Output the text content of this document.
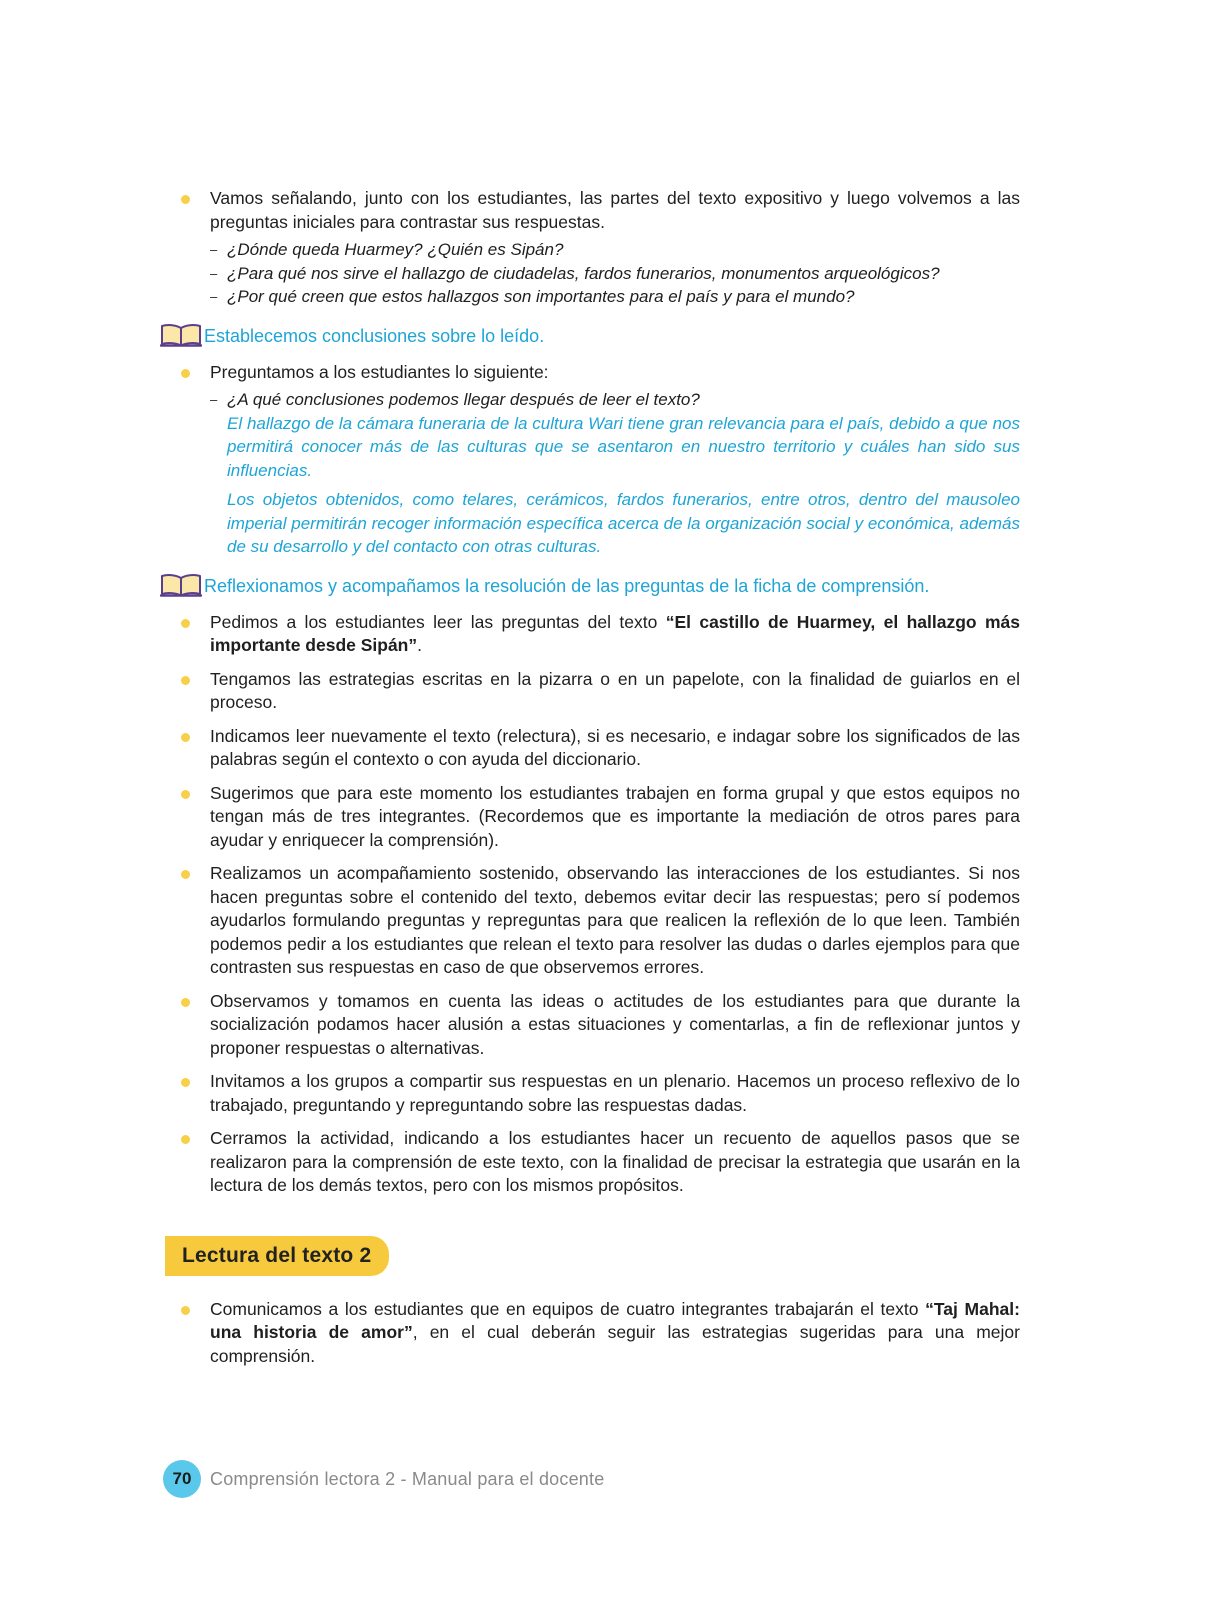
Vamos señalando, junto con los estudiantes, las partes del texto expositivo y luego volvemos a las preguntas iniciales para contrastar sus respuestas.
– ¿Dónde queda Huarmey? ¿Quién es Sipán?
– ¿Para qué nos sirve el hallazgo de ciudadelas, fardos funerarios, monumentos arqueológicos?
– ¿Por qué creen que estos hallazgos son importantes para el país y para el mundo?
Establecemos conclusiones sobre lo leído.
Preguntamos a los estudiantes lo siguiente:
– ¿A qué conclusiones podemos llegar después de leer el texto?

El hallazgo de la cámara funeraria de la cultura Wari tiene gran relevancia para el país, debido a que nos permitirá conocer más de las culturas que se asentaron en nuestro territorio y cuáles han sido sus influencias.

Los objetos obtenidos, como telares, cerámicos, fardos funerarios, entre otros, dentro del mausoleo imperial permitirán recoger información específica acerca de la organización social y económica, además de su desarrollo y del contacto con otras culturas.

Reflexionamos y acompañamos la resolución de las preguntas de la ficha de comprensión.
Pedimos a los estudiantes leer las preguntas del texto “El castillo de Huarmey, el hallazgo más importante desde Sipán”.
Tengamos las estrategias escritas en la pizarra o en un papelote, con la finalidad de guiarlos en el proceso.
Indicamos leer nuevamente el texto (relectura), si es necesario, e indagar sobre los significados de las palabras según el contexto o con ayuda del diccionario.
Sugerimos que para este momento los estudiantes trabajen en forma grupal y que estos equipos no tengan más de tres integrantes. (Recordemos que es importante la mediación de otros pares para ayudar y enriquecer la comprensión).
Realizamos un acompañamiento sostenido, observando las interacciones de los estudiantes. Si nos hacen preguntas sobre el contenido del texto, debemos evitar decir las respuestas; pero sí podemos ayudarlos formulando preguntas y repreguntas para que realicen la reflexión de lo que leen. También podemos pedir a los estudiantes que relean el texto para resolver las dudas o darles ejemplos para que contrasten sus respuestas en caso de que observemos errores.
Observamos y tomamos en cuenta las ideas o actitudes de los estudiantes para que durante la socialización podamos hacer alusión a estas situaciones y comentarlas, a fin de reflexionar juntos y proponer respuestas o alternativas.
Invitamos a los grupos a compartir sus respuestas en un plenario. Hacemos un proceso reflexivo de lo trabajado, preguntando y repreguntando sobre las respuestas dadas.
Cerramos la actividad, indicando a los estudiantes hacer un recuento de aquellos pasos que se realizaron para la comprensión de este texto, con la finalidad de precisar la estrategia que usarán en la lectura de los demás textos, pero con los mismos propósitos.
Lectura del texto 2
Comunicamos a los estudiantes que en equipos de cuatro integrantes trabajarán el texto “Taj Mahal: una historia de amor”, en el cual deberán seguir las estrategias sugeridas para una mejor comprensión.
70	Comprensión lectora 2 - Manual para el docente
